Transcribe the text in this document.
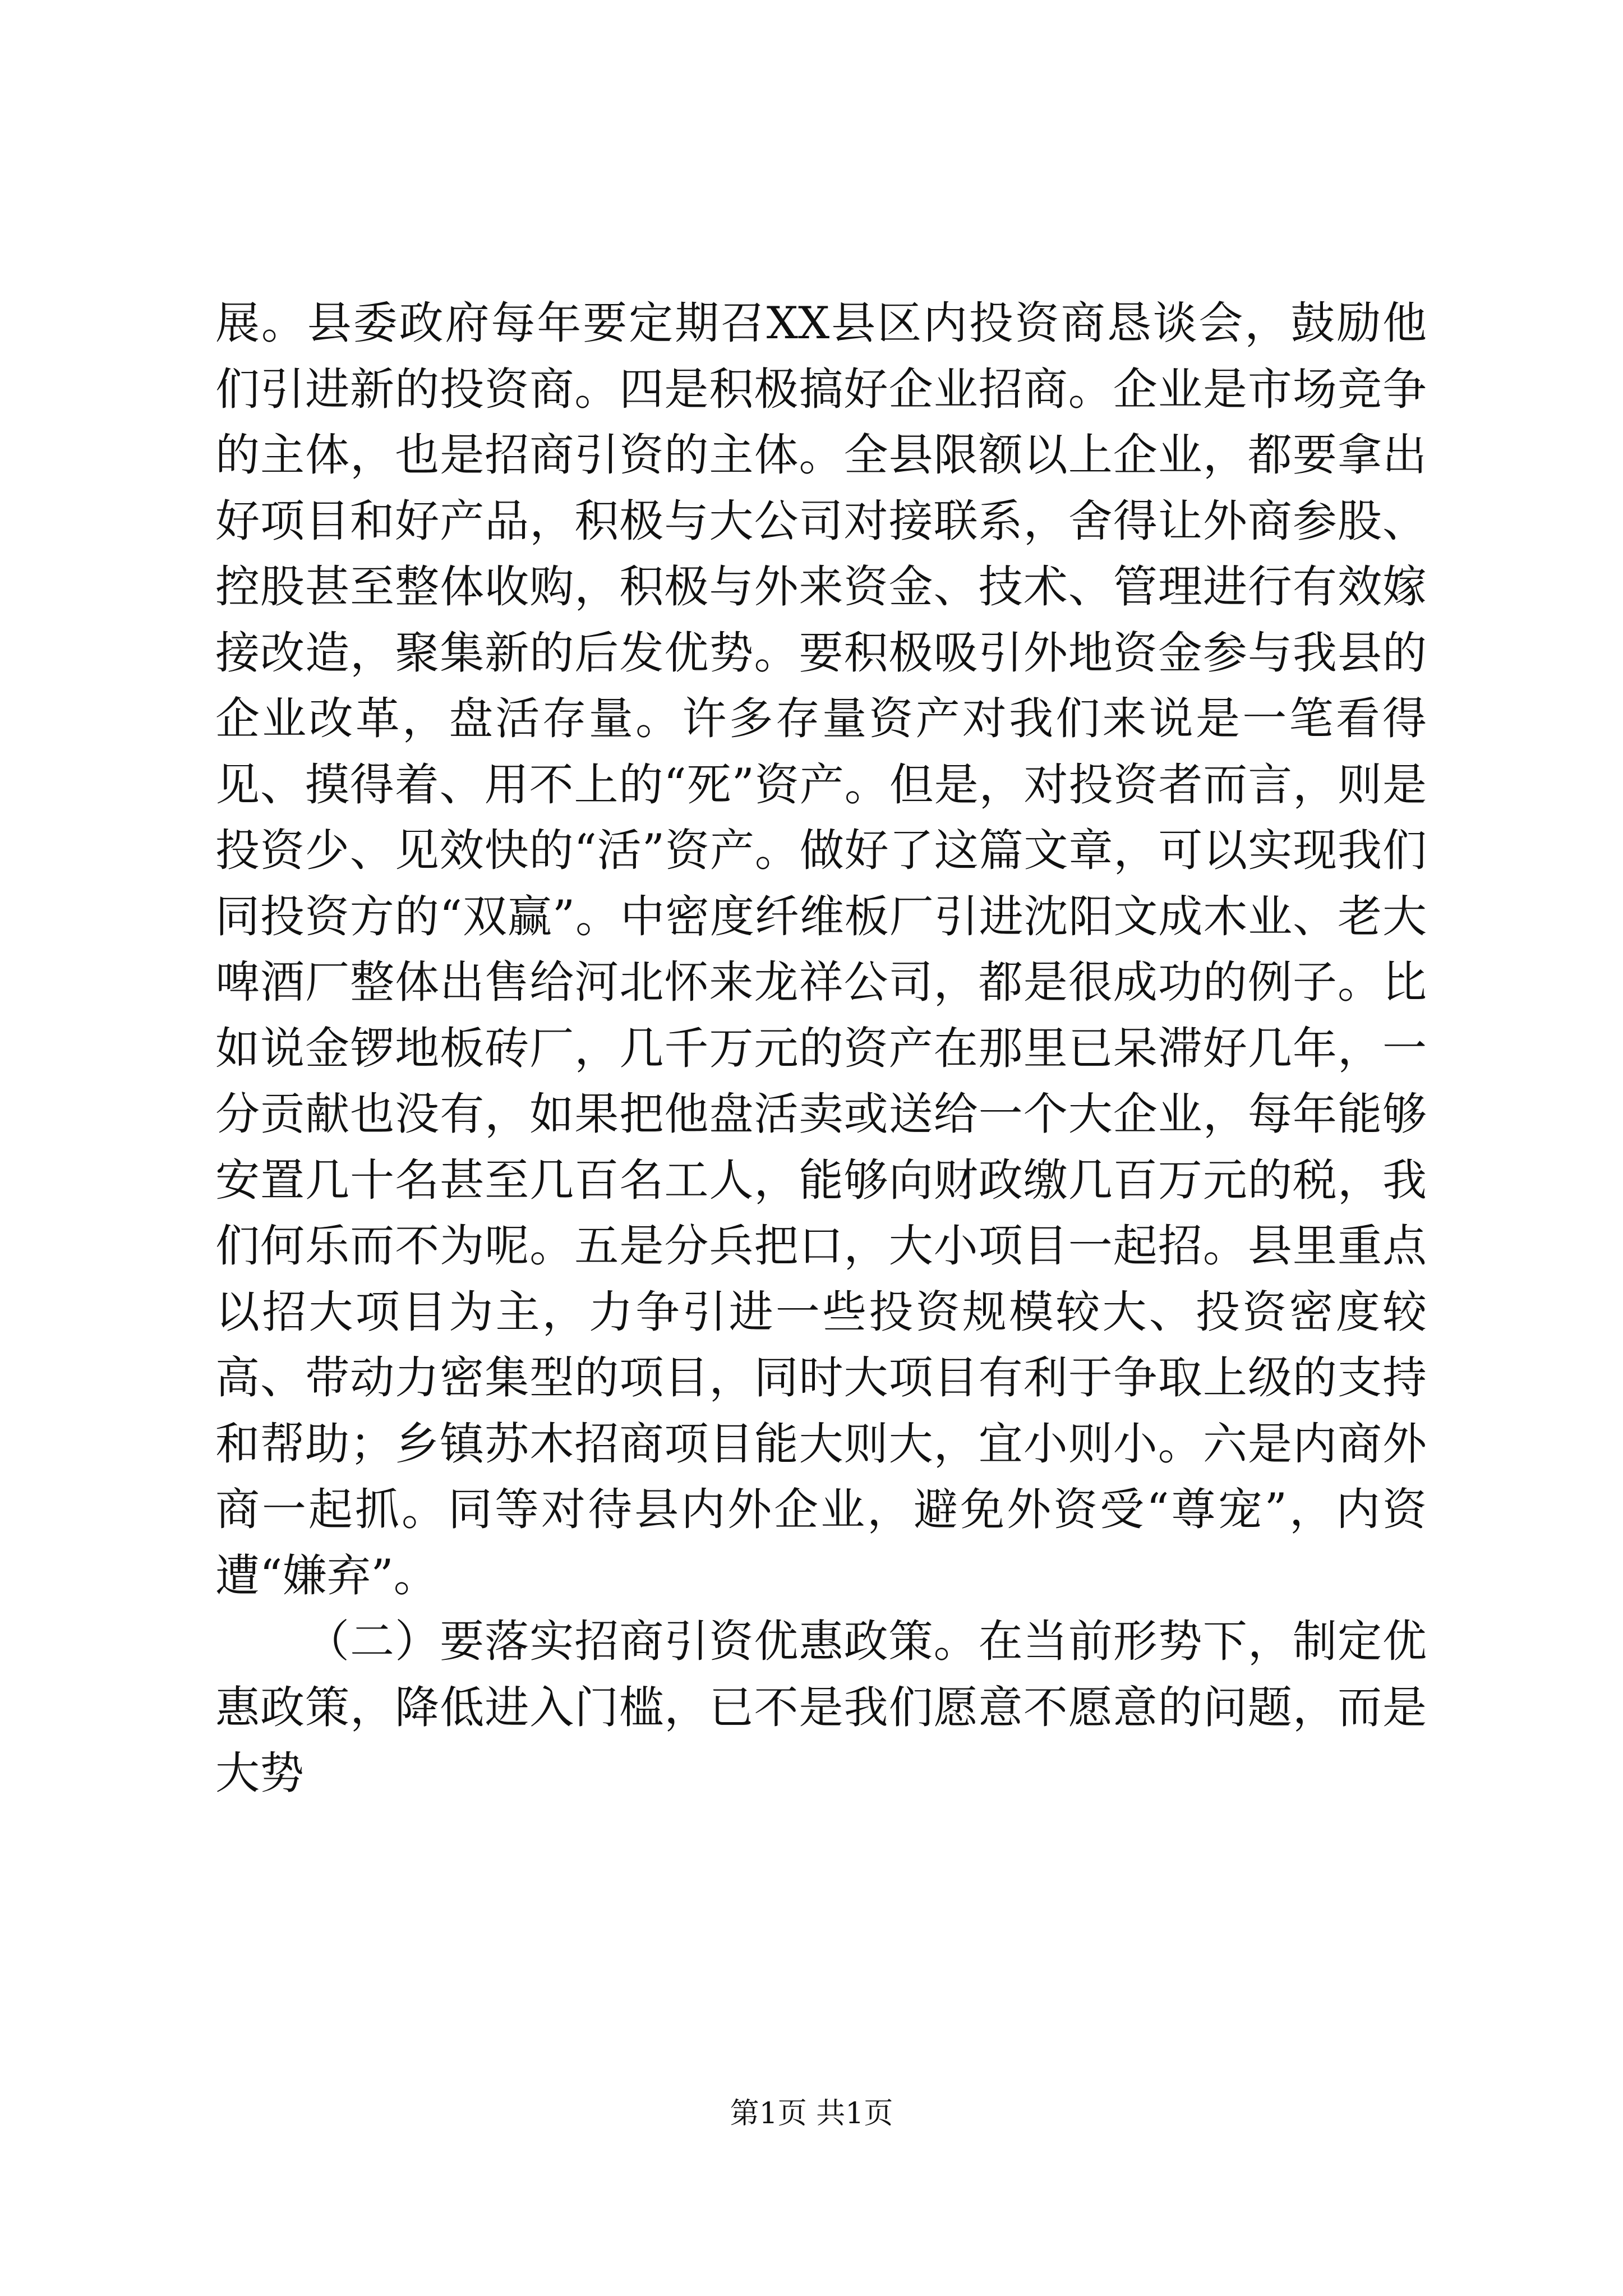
展。县委政府每年要定期召XX县区内投资商恳谈会，鼓励他们引进新的投资商。四是积极搞好企业招商。企业是市场竞争的主体，也是招商引资的主体。全县限额以上企业，都要拿出好项目和好产品，积极与大公司对接联系，舍得让外商参股、控股甚至整体收购，积极与外来资金、技术、管理进行有效嫁接改造，聚集新的后发优势。要积极吸引外地资金参与我县的企业改革，盘活存量。许多存量资产对我们来说是一笔看得见、摸得着、用不上的“死”资产。但是，对投资者而言，则是投资少、见效快的“活”资产。做好了这篇文章，可以实现我们同投资方的“双赢”。中密度纤维板厂引进沈阳文成木业、老大啤酒厂整体出售给河北怀来龙祥公司，都是很成功的例子。比如说金锣地板砖厂，几千万元的资产在那里已呆滞好几年，一分贡献也没有，如果把他盘活卖或送给一个大企业，每年能够安置几十名甚至几百名工人，能够向财政缴几百万元的税，我们何乐而不为呢。五是分兵把口，大小项目一起招。县里重点以招大项目为主，力争引进一些投资规模较大、投资密度较高、带动力密集型的项目，同时大项目有利于争取上级的支持和帮助；乡镇苏木招商项目能大则大，宜小则小。六是内商外商一起抓。同等对待县内外企业，避免外资受“尊宠”，内资遭“嫌弃”。

（二）要落实招商引资优惠政策。在当前形势下，制定优惠政策，降低进入门槛，已不是我们愿意不愿意的问题，而是大势

第1页 共1页
